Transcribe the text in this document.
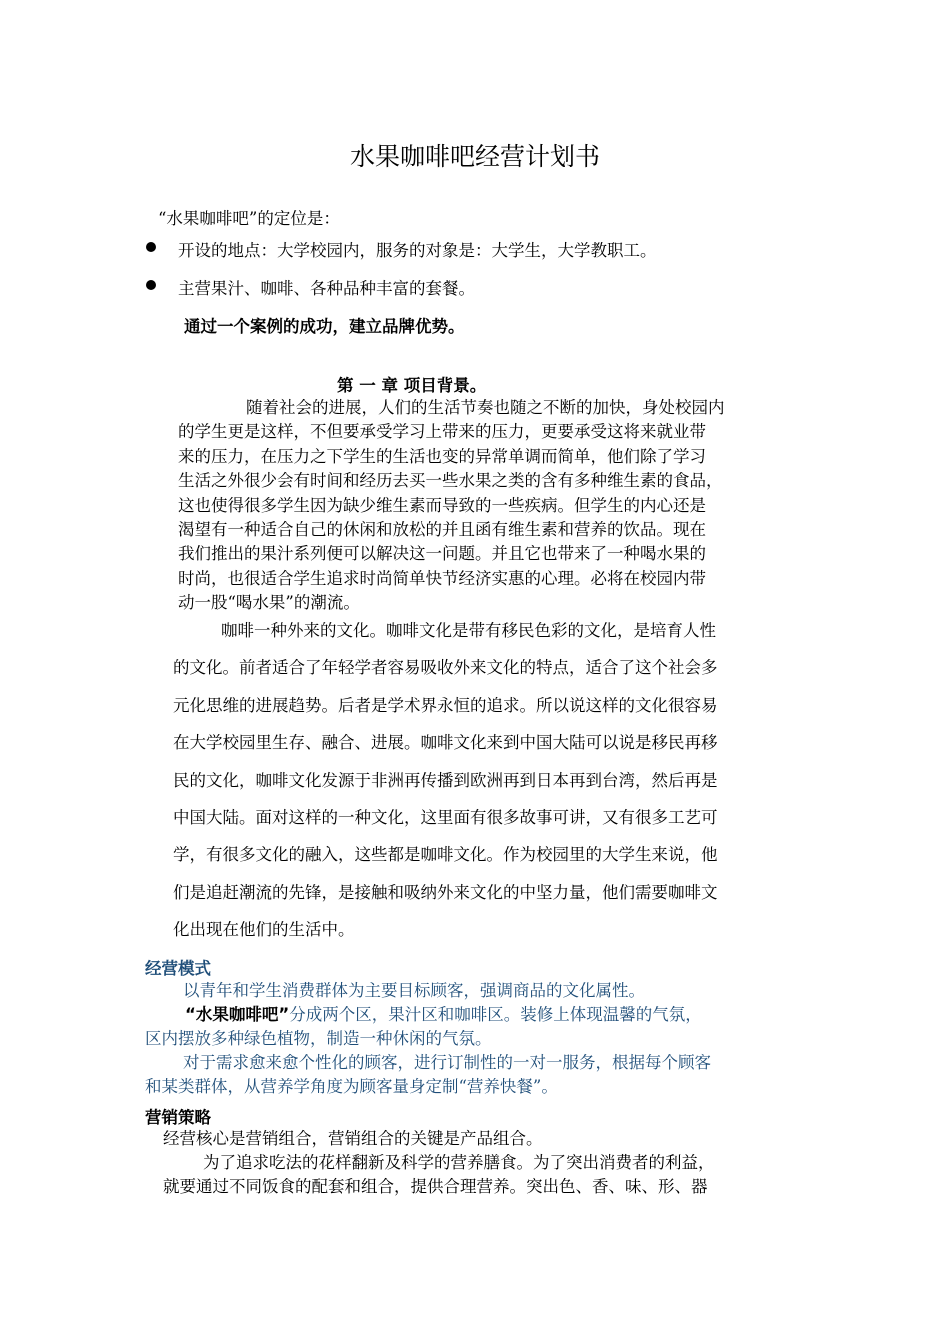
水果咖啡吧经营计划书
“水果咖啡吧”的定位是：
开设的地点：大学校园内，服务的对象是：大学生，大学教职工。
主营果汁、咖啡、各种品种丰富的套餐。
通过一个案例的成功，建立品牌优势。
第 一 章 项目背景。
随着社会的进展，人们的生活节奏也随之不断的加快，身处校园内
的学生更是这样，不但要承受学习上带来的压力，更要承受这将来就业带
来的压力，在压力之下学生的生活也变的异常单调而简单，他们除了学习
生活之外很少会有时间和经历去买一些水果之类的含有多种维生素的食品，
这也使得很多学生因为缺少维生素而导致的一些疾病。但学生的内心还是
渴望有一种适合自己的休闲和放松的并且函有维生素和营养的饮品。现在
我们推出的果汁系列便可以解决这一问题。并且它也带来了一种喝水果的
时尚，也很适合学生追求时尚简单快节经济实惠的心理。必将在校园内带
动一股“喝水果”的潮流。
咖啡一种外来的文化。咖啡文化是带有移民色彩的文化，是培育人性
的文化。前者适合了年轻学者容易吸收外来文化的特点，适合了这个社会多
元化思维的进展趋势。后者是学术界永恒的追求。所以说这样的文化很容易
在大学校园里生存、融合、进展。咖啡文化来到中国大陆可以说是移民再移
民的文化，咖啡文化发源于非洲再传播到欧洲再到日本再到台湾，然后再是
中国大陆。面对这样的一种文化，这里面有很多故事可讲，又有很多工艺可
学，有很多文化的融入，这些都是咖啡文化。作为校园里的大学生来说，他
们是追赶潮流的先锋，是接触和吸纳外来文化的中坚力量，他们需要咖啡文
化出现在他们的生活中。
经营模式
以青年和学生消费群体为主要目标顾客，强调商品的文化属性。
“水果咖啡吧”分成两个区，果汁区和咖啡区。装修上体现温馨的气氛，
区内摆放多种绿色植物，制造一种休闲的气氛。
对于需求愈来愈个性化的顾客，进行订制性的一对一服务，根据每个顾客
和某类群体，从营养学角度为顾客量身定制“营养快餐”。
营销策略
经营核心是营销组合，营销组合的关键是产品组合。
为了追求吃法的花样翻新及科学的营养膳食。为了突出消费者的利益，
就要通过不同饭食的配套和组合，提供合理营养。突出色、香、味、形、器
